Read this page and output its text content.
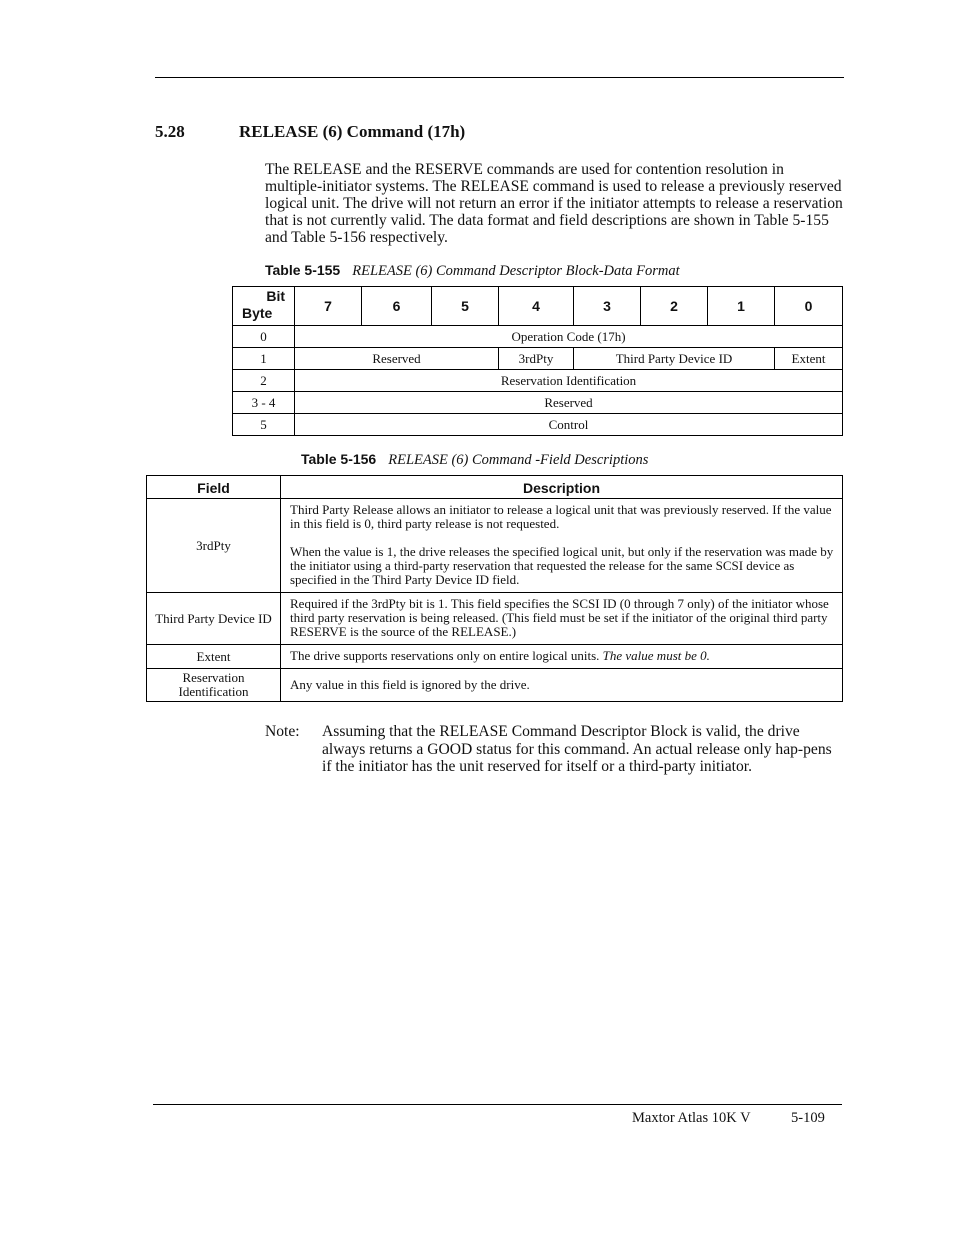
5.28	RELEASE (6) Command (17h)

The RELEASE and the RESERVE commands are used for contention resolution in multiple-initiator systems. The RELEASE command is used to release a previously reserved logical unit. The drive will not return an error if the initiator attempts to release a reservation that is not currently valid. The data format and field descriptions are shown in Table 5-155 and Table 5-156 respectively.

Table 5-155 RELEASE (6) Command Descriptor Block-Data Format
Bit
Byte	7	6	5	4	3	2	1	0
0	Operation Code (17h)							
1	Reserved			3rdPty	Third Party Device ID			Extent
2	Reservation Identification							
3 - 4	Reserved							
5	Control							
Table 5-156 RELEASE (6) Command -Field Descriptions
Field	Description
3rdPty	Third Party Release allows an initiator to release a logical unit that was previously reserved. If the value in this field is 0, third party release is not requested.

When the value is 1, the drive releases the specified logical unit, but only if the reservation was made by the initiator using a third-party reservation that requested the release for the same SCSI device as specified in the Third Party Device ID field.

Third Party Device ID	Required if the 3rdPty bit is 1. This field specifies the SCSI ID (0 through 7 only) of the initiator whose third party reservation is being released. (This field must be set if the initiator of the original third party RESERVE is the source of the RELEASE.)

Extent	The drive supports reservations only on entire logical units. The value must be 0.

Reservation Identification	Any value in this field is ignored by the drive.

Note: Assuming that the RELEASE Command Descriptor Block is valid, the drive always returns a GOOD status for this command. An actual release only hap-pens if the initiator has the unit reserved for itself or a third-party initiator.

Maxtor Atlas 10K V	5-109
